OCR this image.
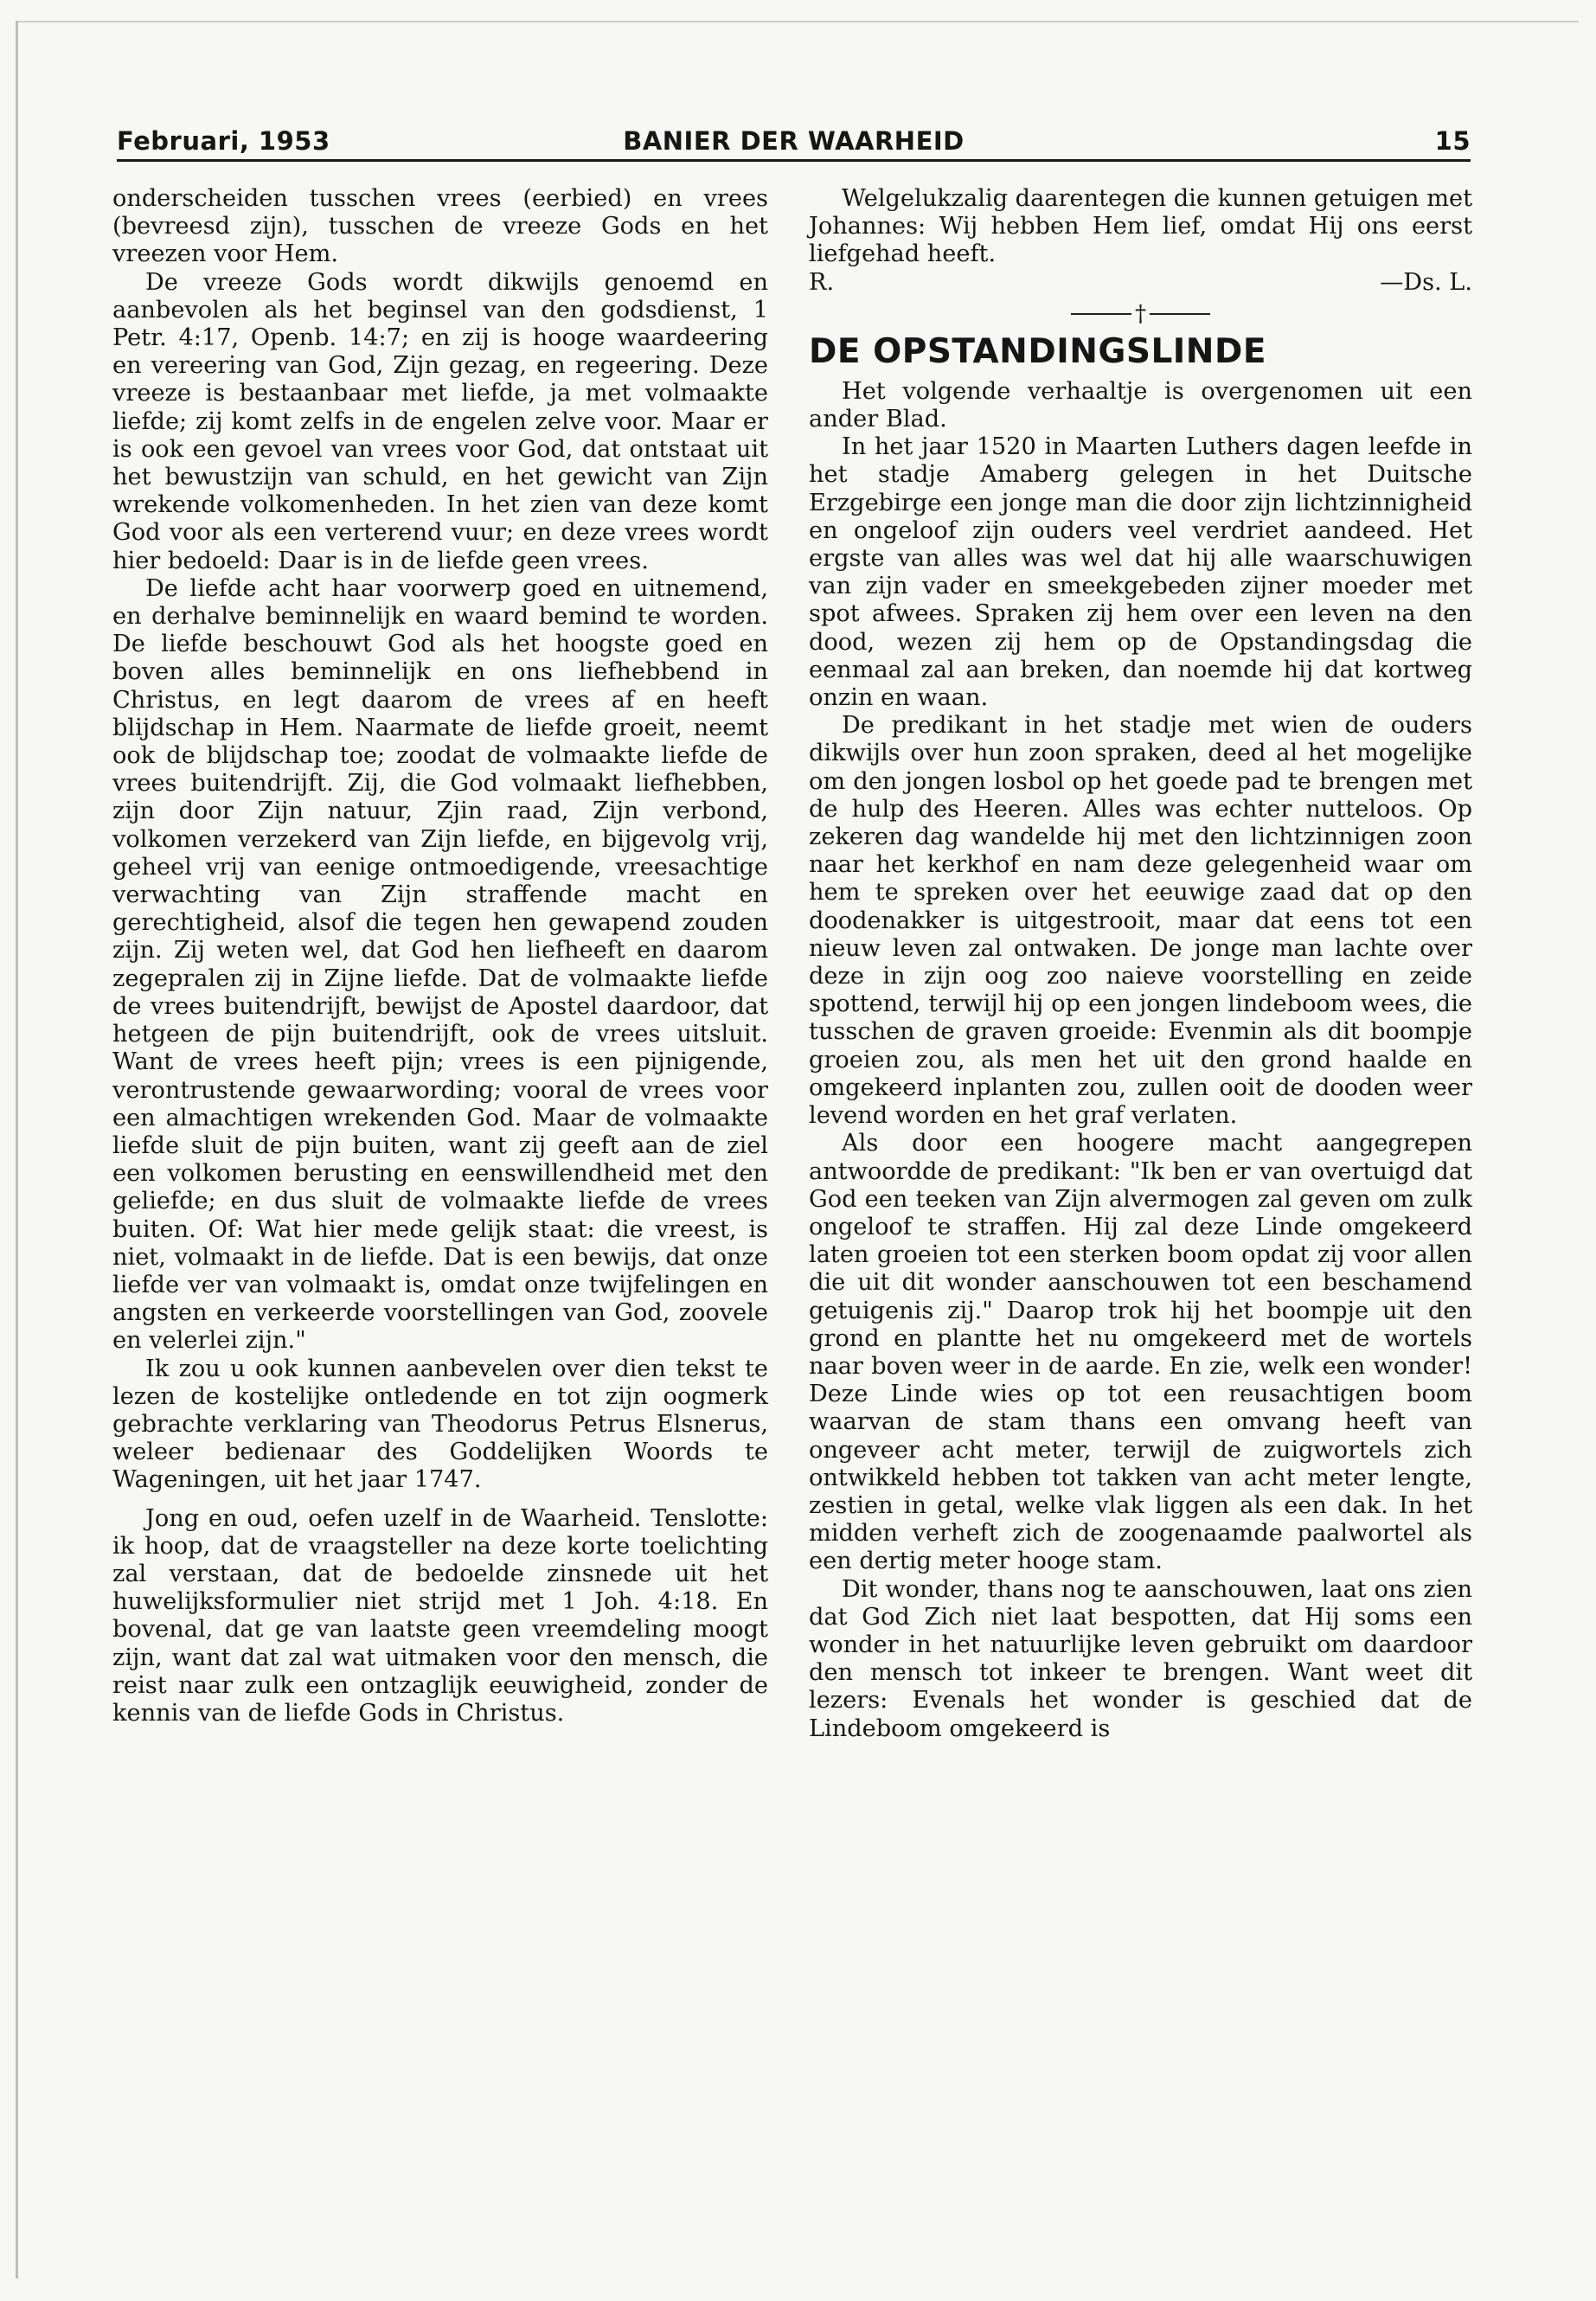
Februari, 1953	BANIER DER WAARHEID	15

onderscheiden tusschen vrees (eerbied) en vrees (bevreesd zijn), tusschen de vreeze Gods en het vreezen voor Hem.

De vreeze Gods wordt dikwijls genoemd en aanbevolen als het beginsel van den godsdienst, 1 Petr. 4:17, Openb. 14:7; en zij is hooge waardeering en vereering van God, Zijn gezag, en regeering. Deze vreeze is bestaanbaar met liefde, ja met volmaakte liefde; zij komt zelfs in de engelen zelve voor. Maar er is ook een gevoel van vrees voor God, dat ontstaat uit het bewustzijn van schuld, en het gewicht van Zijn wrekende volkomenheden. In het zien van deze komt God voor als een verterend vuur; en deze vrees wordt hier bedoeld: Daar is in de liefde geen vrees.

De liefde acht haar voorwerp goed en uitnemend, en derhalve beminnelijk en waard bemind te worden. De liefde beschouwt God als het hoogste goed en boven alles beminnelijk en ons liefhebbend in Christus, en legt daarom de vrees af en heeft blijdschap in Hem. Naarmate de liefde groeit, neemt ook de blijdschap toe; zoodat de volmaakte liefde de vrees buitendrijft. Zij, die God volmaakt liefhebben, zijn door Zijn natuur, Zjin raad, Zijn verbond, volkomen verzekerd van Zijn liefde, en bijgevolg vrij, geheel vrij van eenige ontmoedigende, vreesachtige verwachting van Zijn straffende macht en gerechtigheid, alsof die tegen hen gewapend zouden zijn. Zij weten wel, dat God hen liefheeft en daarom zegepralen zij in Zijne liefde. Dat de volmaakte liefde de vrees buitendrijft, bewijst de Apostel daardoor, dat hetgeen de pijn buitendrijft, ook de vrees uitsluit. Want de vrees heeft pijn; vrees is een pijnigende, verontrustende gewaarwording; vooral de vrees voor een almachtigen wrekenden God. Maar de volmaakte liefde sluit de pijn buiten, want zij geeft aan de ziel een volkomen berusting en eenswillendheid met den geliefde; en dus sluit de volmaakte liefde de vrees buiten. Of: Wat hier mede gelijk staat: die vreest, is niet, volmaakt in de liefde. Dat is een bewijs, dat onze liefde ver van volmaakt is, omdat onze twijfelingen en angsten en verkeerde voorstellingen van God, zoovele en velerlei zijn."

Ik zou u ook kunnen aanbevelen over dien tekst te lezen de kostelijke ontledende en tot zijn oogmerk gebrachte verklaring van Theodorus Petrus Elsnerus, weleer bedienaar des Goddelijken Woords te Wageningen, uit het jaar 1747.

Jong en oud, oefen uzelf in de Waarheid. Tenslotte: ik hoop, dat de vraagsteller na deze korte toelichting zal verstaan, dat de bedoelde zinsnede uit het huwelijksformulier niet strijd met 1 Joh. 4:18. En bovenal, dat ge van laatste geen vreemdeling moogt zijn, want dat zal wat uitmaken voor den mensch, die reist naar zulk een ontzaglijk eeuwigheid, zonder de kennis van de liefde Gods in Christus.

Welgelukzalig daarentegen die kunnen getuigen met Johannes: Wij hebben Hem lief, omdat Hij ons eerst liefgehad heeft.

R.	—Ds. L.
†
DE OPSTANDINGSLINDE

Het volgende verhaaltje is overgenomen uit een ander Blad.

In het jaar 1520 in Maarten Luthers dagen leefde in het stadje Amaberg gelegen in het Duitsche Erzgebirge een jonge man die door zijn lichtzinnigheid en ongeloof zijn ouders veel verdriet aandeed. Het ergste van alles was wel dat hij alle waarschuwigen van zijn vader en smeekgebeden zijner moeder met spot afwees. Spraken zij hem over een leven na den dood, wezen zij hem op de Opstandingsdag die eenmaal zal aan breken, dan noemde hij dat kortweg onzin en waan.

De predikant in het stadje met wien de ouders dikwijls over hun zoon spraken, deed al het mogelijke om den jongen losbol op het goede pad te brengen met de hulp des Heeren. Alles was echter nutteloos. Op zekeren dag wandelde hij met den lichtzinnigen zoon naar het kerkhof en nam deze gelegenheid waar om hem te spreken over het eeuwige zaad dat op den doodenakker is uitgestrooit, maar dat eens tot een nieuw leven zal ontwaken. De jonge man lachte over deze in zijn oog zoo naieve voorstelling en zeide spottend, terwijl hij op een jongen lindeboom wees, die tusschen de graven groeide: Evenmin als dit boompje groeien zou, als men het uit den grond haalde en omgekeerd inplanten zou, zullen ooit de dooden weer levend worden en het graf verlaten.

Als door een hoogere macht aangegrepen antwoordde de predikant: "Ik ben er van overtuigd dat God een teeken van Zijn alvermogen zal geven om zulk ongeloof te straffen. Hij zal deze Linde omgekeerd laten groeien tot een sterken boom opdat zij voor allen die uit dit wonder aanschouwen tot een beschamend getuigenis zij." Daarop trok hij het boompje uit den grond en plantte het nu omgekeerd met de wortels naar boven weer in de aarde. En zie, welk een wonder! Deze Linde wies op tot een reusachtigen boom waarvan de stam thans een omvang heeft van ongeveer acht meter, terwijl de zuigwortels zich ontwikkeld hebben tot takken van acht meter lengte, zestien in getal, welke vlak liggen als een dak. In het midden verheft zich de zoogenaamde paalwortel als een dertig meter hooge stam.

Dit wonder, thans nog te aanschouwen, laat ons zien dat God Zich niet laat bespotten, dat Hij soms een wonder in het natuurlijke leven gebruikt om daardoor den mensch tot inkeer te brengen. Want weet dit lezers: Evenals het wonder is geschied dat de Lindeboom omgekeerd is
